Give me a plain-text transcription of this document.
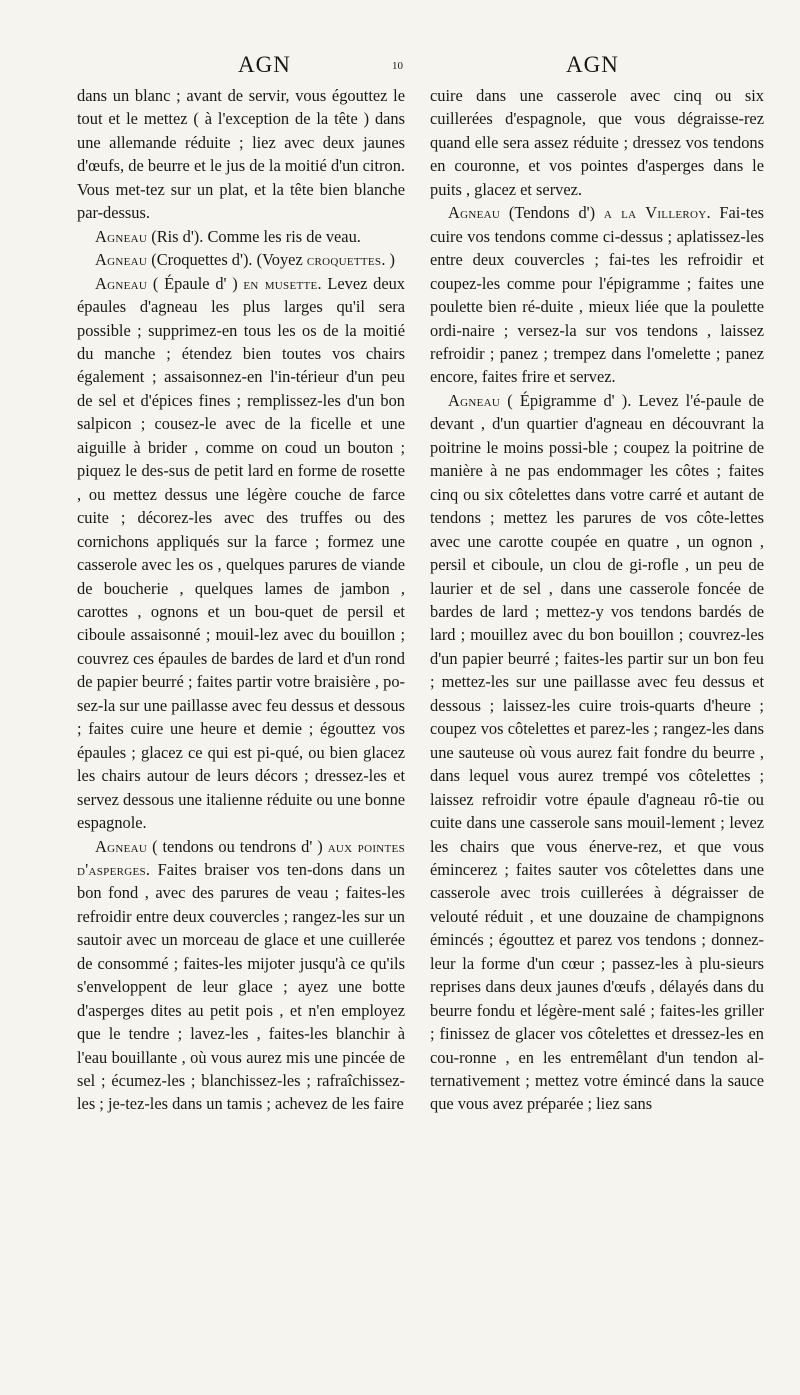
AGN	10	AGN

dans un blanc ; avant de servir, vous égouttez le tout et le mettez ( à l'exception de la tête ) dans une allemande réduite ; liez avec deux jaunes d'œufs, de beurre et le jus de la moitié d'un citron. Vous met-tez sur un plat, et la tête bien blanche par-dessus.

Agneau (Ris d'). Comme les ris de veau.

Agneau (Croquettes d'). (Voyez croquettes. )

Agneau ( Épaule d' ) en musette. Levez deux épaules d'agneau les plus larges qu'il sera possible ; supprimez-en tous les os de la moitié du manche ; étendez bien toutes vos chairs également ; assaisonnez-en l'in-térieur d'un peu de sel et d'épices fines ; remplissez-les d'un bon salpicon ; cousez-le avec de la ficelle et une aiguille à brider , comme on coud un bouton ; piquez le des-sus de petit lard en forme de rosette , ou mettez dessus une légère couche de farce cuite ; décorez-les avec des truffes ou des cornichons appliqués sur la farce ; formez une casserole avec les os , quelques parures de viande de boucherie , quelques lames de jambon , carottes , ognons et un bou-quet de persil et ciboule assaisonné ; mouil-lez avec du bouillon ; couvrez ces épaules de bardes de lard et d'un rond de papier beurré ; faites partir votre braisière , po-sez-la sur une paillasse avec feu dessus et dessous ; faites cuire une heure et demie ; égouttez vos épaules ; glacez ce qui est pi-qué, ou bien glacez les chairs autour de leurs décors ; dressez-les et servez dessous une italienne réduite ou une bonne espagnole.

Agneau ( tendons ou tendrons d' ) aux pointes d'asperges. Faites braiser vos ten-dons dans un bon fond , avec des parures de veau ; faites-les refroidir entre deux couvercles ; rangez-les sur un sautoir avec un morceau de glace et une cuillerée de consommé ; faites-les mijoter jusqu'à ce qu'ils s'enveloppent de leur glace ; ayez une botte d'asperges dites au petit pois , et n'en employez que le tendre ; lavez-les , faites-les blanchir à l'eau bouillante , où vous aurez mis une pincée de sel ; écumez-les ; blanchissez-les ; rafraîchissez-les ; je-tez-les dans un tamis ; achevez de les faire

cuire dans une casserole avec cinq ou six cuillerées d'espagnole, que vous dégraisse-rez quand elle sera assez réduite ; dressez vos tendons en couronne, et vos pointes d'asperges dans le puits , glacez et servez.

Agneau (Tendons d') a la Villeroy. Fai-tes cuire vos tendons comme ci-dessus ; aplatissez-les entre deux couvercles ; fai-tes les refroidir et coupez-les comme pour l'épigramme ; faites une poulette bien ré-duite , mieux liée que la poulette ordi-naire ; versez-la sur vos tendons , laissez refroidir ; panez ; trempez dans l'omelette ; panez encore, faites frire et servez.

Agneau ( Épigramme d' ). Levez l'é-paule de devant , d'un quartier d'agneau en découvrant la poitrine le moins possi-ble ; coupez la poitrine de manière à ne pas endommager les côtes ; faites cinq ou six côtelettes dans votre carré et autant de tendons ; mettez les parures de vos côte-lettes avec une carotte coupée en quatre , un ognon , persil et ciboule, un clou de gi-rofle , un peu de laurier et de sel , dans une casserole foncée de bardes de lard ; mettez-y vos tendons bardés de lard ; mouillez avec du bon bouillon ; couvrez-les d'un papier beurré ; faites-les partir sur un bon feu ; mettez-les sur une paillasse avec feu dessus et dessous ; laissez-les cuire trois-quarts d'heure ; coupez vos côtelettes et parez-les ; rangez-les dans une sauteuse où vous aurez fait fondre du beurre , dans lequel vous aurez trempé vos côtelettes ; laissez refroidir votre épaule d'agneau rô-tie ou cuite dans une casserole sans mouil-lement ; levez les chairs que vous énerve-rez, et que vous émincerez ; faites sauter vos côtelettes dans une casserole avec trois cuillerées à dégraisser de velouté réduit , et une douzaine de champignons émincés ; égouttez et parez vos tendons ; donnez-leur la forme d'un cœur ; passez-les à plu-sieurs reprises dans deux jaunes d'œufs , délayés dans du beurre fondu et légère-ment salé ; faites-les griller ; finissez de glacer vos côtelettes et dressez-les en cou-ronne , en les entremêlant d'un tendon al-ternativement ; mettez votre émincé dans la sauce que vous avez préparée ; liez sans
